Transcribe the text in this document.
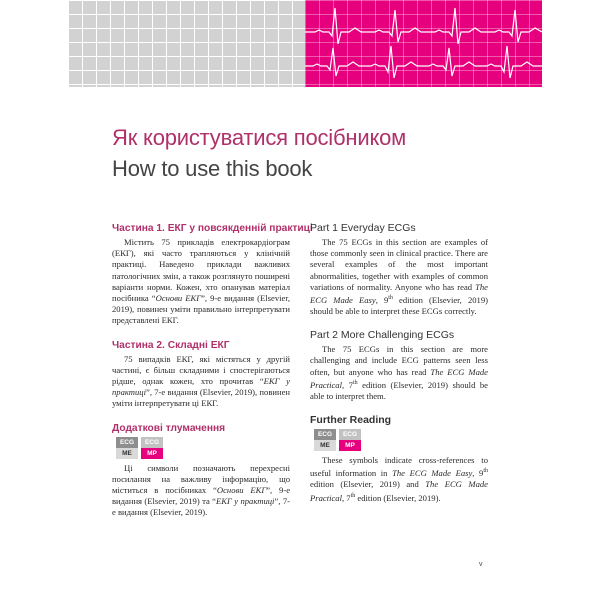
Як користуватися посібником
How to use this book

Частина 1. ЕКГ у повсякденній практиці

Містить 75 прикладів електрокардіограм (ЕКГ), які часто трапляються у клінічній практиці. Наведено приклади важливих патологічних змін, а також розглянуто поширені варіанти норми. Кожен, хто опанував матеріал посібника “Основи ЕКГ”, 9-е видання (Elsevier, 2019), повинен уміти правильно інтерпретувати представлені ЕКГ.

Частина 2. Складні ЕКГ

75 випадків ЕКГ, які містяться у другій частині, є більш складними і спостерігаються рідше, однак кожен, хто прочитав “ЕКГ у практиці”, 7-е видання (Elsevier, 2019), повинен уміти інтерпретувати ці ЕКГ.

Додаткові тлумачення

ECG
ME
ECG
MP

Ці символи позначають перехресні посилання на важливу інформацію, що міститься в посібниках “Основи ЕКГ”, 9-е видання (Elsevier, 2019) та “ЕКГ у практиці”, 7-е видання (Elsevier, 2019).

Part 1 Everyday ECGs

The 75 ECGs in this section are examples of those commonly seen in clinical practice. There are several examples of the most important abnormalities, together with examples of common variations of normality. Anyone who has read The ECG Made Easy, 9th edition (Elsevier, 2019) should be able to interpret these ECGs correctly.

Part 2 More Challenging ECGs

The 75 ECGs in this section are more challenging and include ECG patterns seen less often, but anyone who has read The ECG Made Practical, 7th edition (Elsevier, 2019) should be able to interpret them.

Further Reading

ECG
ME
ECG
MP

These symbols indicate cross-references to useful information in The ECG Made Easy, 9th edition (Elsevier, 2019) and The ECG Made Practical, 7th edition (Elsevier, 2019).

v
